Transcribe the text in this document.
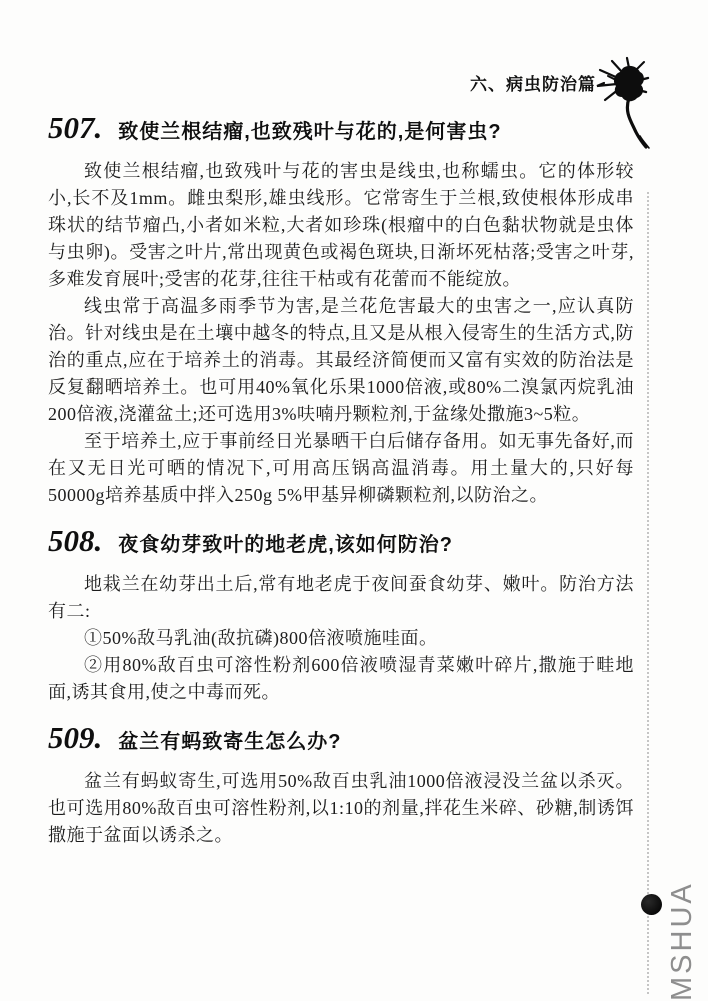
六、病虫防治篇
507. 致使兰根结瘤,也致残叶与花的,是何害虫?

致使兰根结瘤,也致残叶与花的害虫是线虫,也称蠕虫。它的体形较小,长不及1mm。雌虫梨形,雄虫线形。它常寄生于兰根,致使根体形成串珠状的结节瘤凸,小者如米粒,大者如珍珠(根瘤中的白色黏状物就是虫体与虫卵)。受害之叶片,常出现黄色或褐色斑块,日渐坏死枯落;受害之叶芽,多难发育展叶;受害的花芽,往往干枯或有花蕾而不能绽放。

线虫常于高温多雨季节为害,是兰花危害最大的虫害之一,应认真防治。针对线虫是在土壤中越冬的特点,且又是从根入侵寄生的生活方式,防治的重点,应在于培养土的消毒。其最经济简便而又富有实效的防治法是反复翻晒培养土。也可用40%氧化乐果1000倍液,或80%二溴氯丙烷乳油200倍液,浇灌盆土;还可选用3%呋喃丹颗粒剂,于盆缘处撒施3~5粒。

至于培养土,应于事前经日光暴晒干白后储存备用。如无事先备好,而在又无日光可晒的情况下,可用高压锅高温消毒。用土量大的,只好每50000g培养基质中拌入250g 5%甲基异柳磷颗粒剂,以防治之。

508. 夜食幼芽致叶的地老虎,该如何防治?

地栽兰在幼芽出土后,常有地老虎于夜间蚕食幼芽、嫩叶。防治方法有二:

①50%敌马乳油(敌抗磷)800倍液喷施哇面。

②用80%敌百虫可溶性粉剂600倍液喷湿青菜嫩叶碎片,撒施于畦地面,诱其食用,使之中毒而死。

509. 盆兰有蚂致寄生怎么办?

盆兰有蚂蚁寄生,可选用50%敌百虫乳油1000倍液浸没兰盆以杀灭。也可选用80%敌百虫可溶性粉剂,以1:10的剂量,拌花生米碎、砂糖,制诱饵撒施于盆面以诱杀之。

MSHUA
